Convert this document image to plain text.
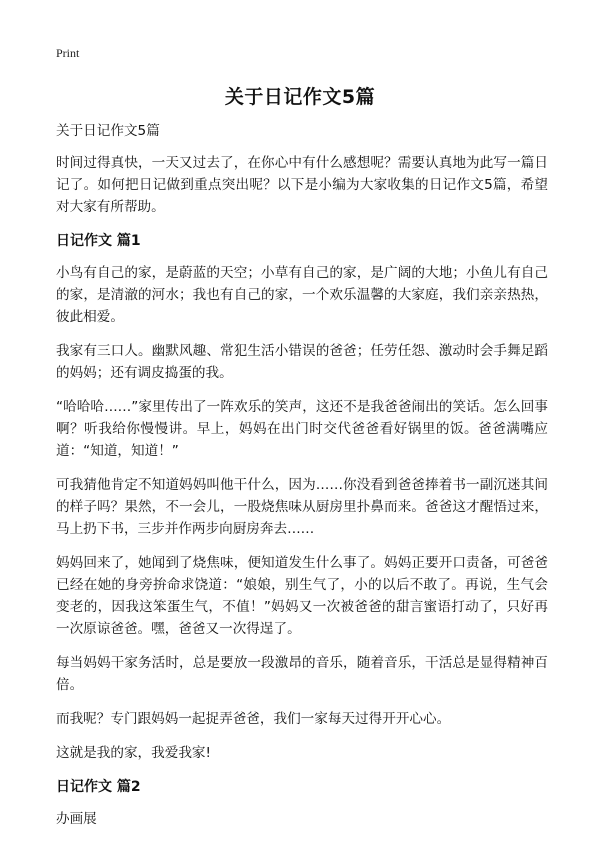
Print
关于日记作文5篇

关于日记作文5篇

时间过得真快，一天又过去了，在你心中有什么感想呢？需要认真地为此写一篇日记了。如何把日记做到重点突出呢？以下是小编为大家收集的日记作文5篇，希望对大家有所帮助。

日记作文 篇1

小鸟有自己的家，是蔚蓝的天空；小草有自己的家，是广阔的大地；小鱼儿有自己的家，是清澈的河水；我也有自己的家，一个欢乐温馨的大家庭，我们亲亲热热，彼此相爱。

我家有三口人。幽默风趣、常犯生活小错误的爸爸；任劳任怨、激动时会手舞足蹈的妈妈；还有调皮捣蛋的我。

“哈哈哈……”家里传出了一阵欢乐的笑声，这还不是我爸爸闹出的笑话。怎么回事啊？听我给你慢慢讲。早上，妈妈在出门时交代爸爸看好锅里的饭。爸爸满嘴应道：“知道，知道！”

可我猜他肯定不知道妈妈叫他干什么，因为……你没看到爸爸捧着书一副沉迷其间的样子吗？果然，不一会儿，一股烧焦味从厨房里扑鼻而来。爸爸这才醒悟过来，马上扔下书，三步并作两步向厨房奔去……

妈妈回来了，她闻到了烧焦味，便知道发生什么事了。妈妈正要开口责备，可爸爸已经在她的身旁拚命求饶道：“娘娘，别生气了，小的以后不敢了。再说，生气会变老的，因我这笨蛋生气，不值！”妈妈又一次被爸爸的甜言蜜语打动了，只好再一次原谅爸爸。嘿，爸爸又一次得逞了。

每当妈妈干家务活时，总是要放一段激昂的音乐，随着音乐，干活总是显得精神百倍。

而我呢？专门跟妈妈一起捉弄爸爸，我们一家每天过得开开心心。

这就是我的家，我爱我家!

日记作文 篇2

办画展
